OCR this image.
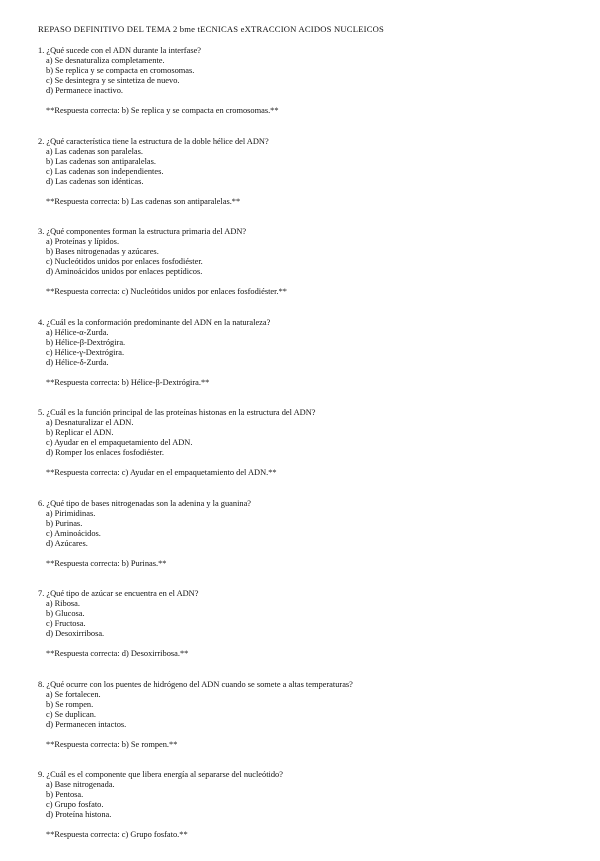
REPASO DEFINITIVO DEL TEMA 2 bme tECNICAS eXTRACCION ACIDOS NUCLEICOS
1. ¿Qué sucede con el ADN durante la interfase?
a) Se desnaturaliza completamente.
b) Se replica y se compacta en cromosomas.
c) Se desintegra y se sintetiza de nuevo.
d) Permanece inactivo.
**Respuesta correcta: b) Se replica y se compacta en cromosomas.**
2. ¿Qué característica tiene la estructura de la doble hélice del ADN?
a) Las cadenas son paralelas.
b) Las cadenas son antiparalelas.
c) Las cadenas son independientes.
d) Las cadenas son idénticas.
**Respuesta correcta: b) Las cadenas son antiparalelas.**
3. ¿Qué componentes forman la estructura primaria del ADN?
a) Proteínas y lípidos.
b) Bases nitrogenadas y azúcares.
c) Nucleótidos unidos por enlaces fosfodiéster.
d) Aminoácidos unidos por enlaces peptídicos.
**Respuesta correcta: c) Nucleótidos unidos por enlaces fosfodiéster.**
4. ¿Cuál es la conformación predominante del ADN en la naturaleza?
a) Hélice-α-Zurda.
b) Hélice-β-Dextrógira.
c) Hélice-γ-Dextrógira.
d) Hélice-δ-Zurda.
**Respuesta correcta: b) Hélice-β-Dextrógira.**
5. ¿Cuál es la función principal de las proteínas histonas en la estructura del ADN?
a) Desnaturalizar el ADN.
b) Replicar el ADN.
c) Ayudar en el empaquetamiento del ADN.
d) Romper los enlaces fosfodiéster.
**Respuesta correcta: c) Ayudar en el empaquetamiento del ADN.**
6. ¿Qué tipo de bases nitrogenadas son la adenina y la guanina?
a) Pirimidinas.
b) Purinas.
c) Aminoácidos.
d) Azúcares.
**Respuesta correcta: b) Purinas.**
7. ¿Qué tipo de azúcar se encuentra en el ADN?
a) Ribosa.
b) Glucosa.
c) Fructosa.
d) Desoxirribosa.
**Respuesta correcta: d) Desoxirribosa.**
8. ¿Qué ocurre con los puentes de hidrógeno del ADN cuando se somete a altas temperaturas?
a) Se fortalecen.
b) Se rompen.
c) Se duplican.
d) Permanecen intactos.
**Respuesta correcta: b) Se rompen.**
9. ¿Cuál es el componente que libera energía al separarse del nucleótido?
a) Base nitrogenada.
b) Pentosa.
c) Grupo fosfato.
d) Proteína histona.
**Respuesta correcta: c) Grupo fosfato.**
